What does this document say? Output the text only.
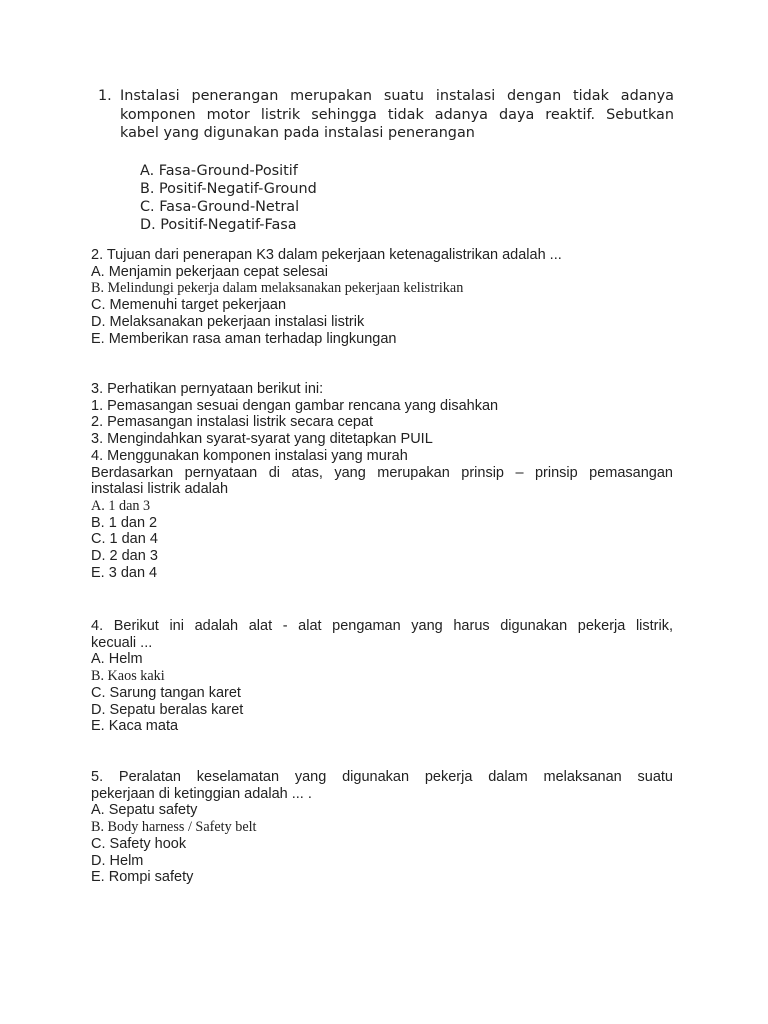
1. Instalasi penerangan merupakan suatu instalasi dengan tidak adanya
komponen motor listrik sehingga tidak adanya daya reaktif. Sebutkan
kabel yang digunakan pada instalasi penerangan
A. Fasa-Ground-Positif
B. Positif-Negatif-Ground
C. Fasa-Ground-Netral
D. Positif-Negatif-Fasa
2. Tujuan dari penerapan K3 dalam pekerjaan ketenagalistrikan adalah ...
A. Menjamin pekerjaan cepat selesai
B. Melindungi pekerja dalam melaksanakan pekerjaan kelistrikan
C. Memenuhi target pekerjaan
D. Melaksanakan pekerjaan instalasi listrik
E. Memberikan rasa aman terhadap lingkungan
3. Perhatikan pernyataan berikut ini:
1. Pemasangan sesuai dengan gambar rencana yang disahkan
2. Pemasangan instalasi listrik secara cepat
3. Mengindahkan syarat-syarat yang ditetapkan PUIL
4. Menggunakan komponen instalasi yang murah
Berdasarkan pernyataan di atas, yang merupakan prinsip – prinsip pemasangan
instalasi listrik adalah
A. 1 dan 3
B. 1 dan 2
C. 1 dan 4
D. 2 dan 3
E. 3 dan 4
4. Berikut ini adalah alat - alat pengaman yang harus digunakan pekerja listrik,
kecuali ...
A. Helm
B. Kaos kaki
C. Sarung tangan karet
D. Sepatu beralas karet
E. Kaca mata
5. Peralatan keselamatan yang digunakan pekerja dalam melaksanan suatu
pekerjaan di ketinggian adalah ... .
A. Sepatu safety
B. Body harness / Safety belt
C. Safety hook
D. Helm
E. Rompi safety
